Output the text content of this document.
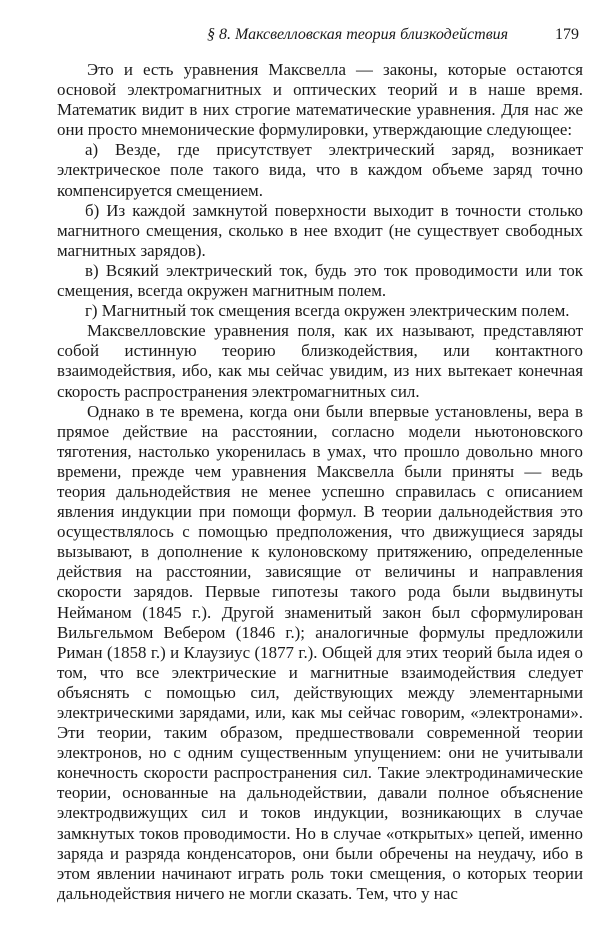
§ 8. Максвелловская теория близкодействия	179

Это и есть уравнения Максвелла — законы, которые остаются основой электромагнитных и оптических теорий и в наше время. Математик видит в них строгие математические уравнения. Для нас же они просто мнемонические формулировки, утверждающие следующее:

а) Везде, где присутствует электрический заряд, возникает электрическое поле такого вида, что в каждом объеме заряд точно компенсируется смещением.

б) Из каждой замкнутой поверхности выходит в точности столько магнитного смещения, сколько в нее входит (не существует свободных магнитных зарядов).

в) Всякий электрический ток, будь это ток проводимости или ток смещения, всегда окружен магнитным полем.

г) Магнитный ток смещения всегда окружен электрическим полем.

Максвелловские уравнения поля, как их называют, представляют собой истинную теорию близкодействия, или контактного взаимодействия, ибо, как мы сейчас увидим, из них вытекает конечная скорость распространения электромагнитных сил.

Однако в те времена, когда они были впервые установлены, вера в прямое действие на расстоянии, согласно модели ньютоновского тяготения, настолько укоренилась в умах, что прошло довольно много времени, прежде чем уравнения Максвелла были приняты — ведь теория дальнодействия не менее успешно справилась с описанием явления индукции при помощи формул. В теории дальнодействия это осуществлялось с помощью предположения, что движущиеся заряды вызывают, в дополнение к кулоновскому притяжению, определенные действия на расстоянии, зависящие от величины и направления скорости зарядов. Первые гипотезы такого рода были выдвинуты Нейманом (1845 г.). Другой знаменитый закон был сформулирован Вильгельмом Вебером (1846 г.); аналогичные формулы предложили Риман (1858 г.) и Клаузиус (1877 г.). Общей для этих теорий была идея о том, что все электрические и магнитные взаимодействия следует объяснять с помощью сил, действующих между элементарными электрическими зарядами, или, как мы сейчас говорим, «электронами». Эти теории, таким образом, предшествовали современной теории электронов, но с одним существенным упущением: они не учитывали конечность скорости распространения сил. Такие электродинамические теории, основанные на дальнодействии, давали полное объяснение электродвижущих сил и токов индукции, возникающих в случае замкнутых токов проводимости. Но в случае «открытых» цепей, именно заряда и разряда конденсаторов, они были обречены на неудачу, ибо в этом явлении начинают играть роль токи смещения, о которых теории дальнодействия ничего не могли сказать. Тем, что у нас
